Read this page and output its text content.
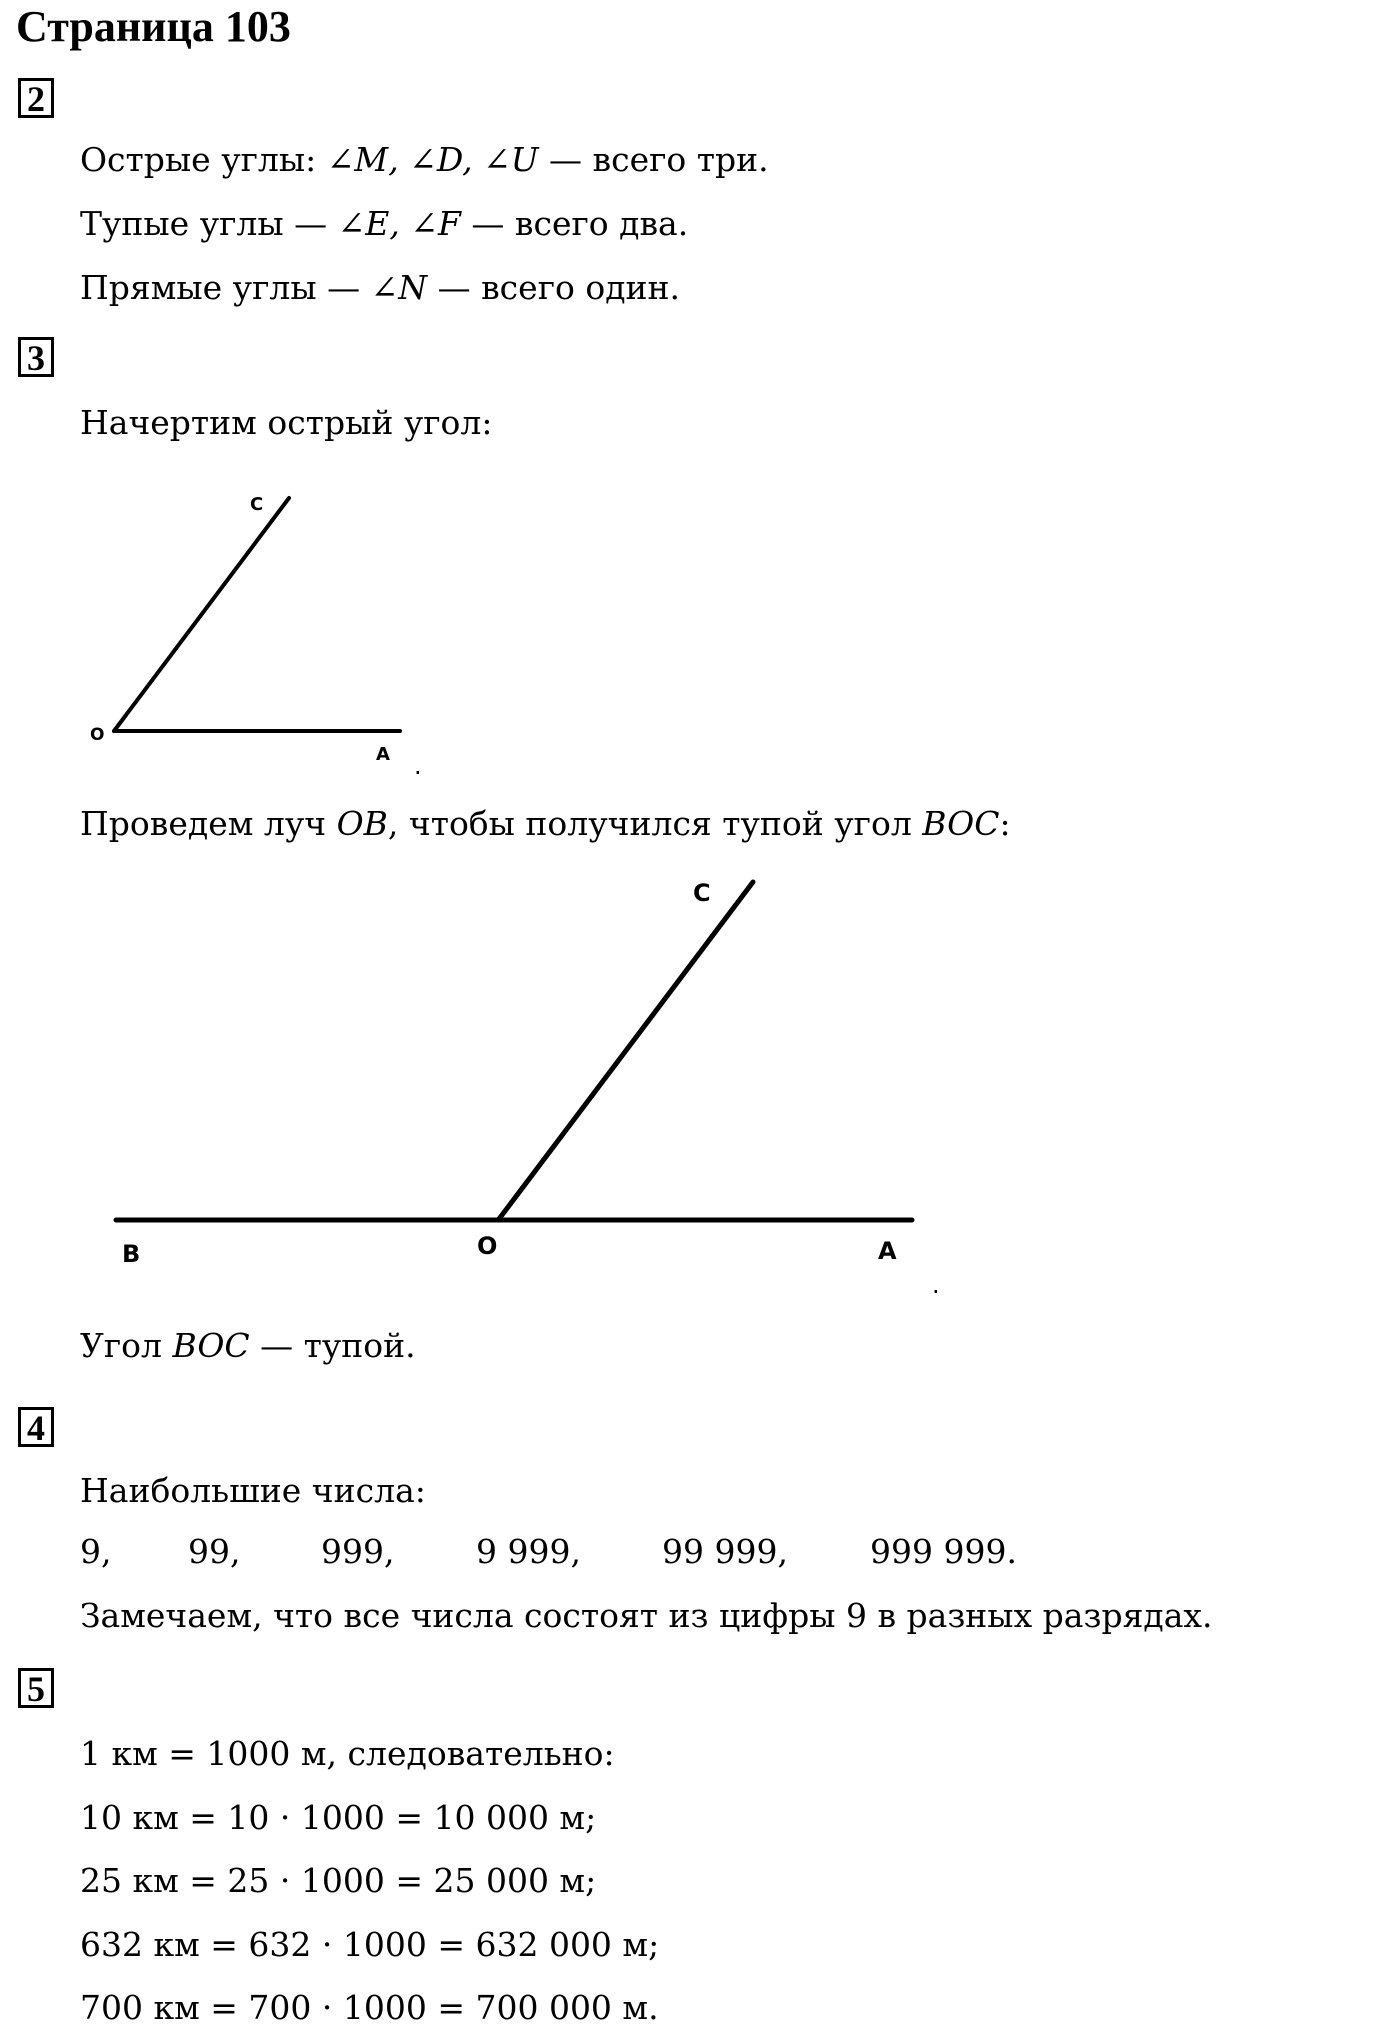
Страница 103
2
Острые углы: ∠M, ∠D, ∠U — всего три.
Тупые углы — ∠E, ∠F — всего два.
Прямые углы — ∠N — всего один.
3
Начертим острый угол:
C
O
A .
Проведем луч OB, чтобы получился тупой угол BOC:
C
B	O	A
.
Угол BOC — тупой.
4
Наибольшие числа:
9, 99, 999, 9 999, 99 999, 999 999.
Замечаем, что все числа состоят из цифры 9 в разных разрядах.
5
1 км = 1000 м, следовательно:
10 км = 10 · 1000 = 10 000 м;
25 км = 25 · 1000 = 25 000 м;
632 км = 632 · 1000 = 632 000 м;
700 км = 700 · 1000 = 700 000 м.
